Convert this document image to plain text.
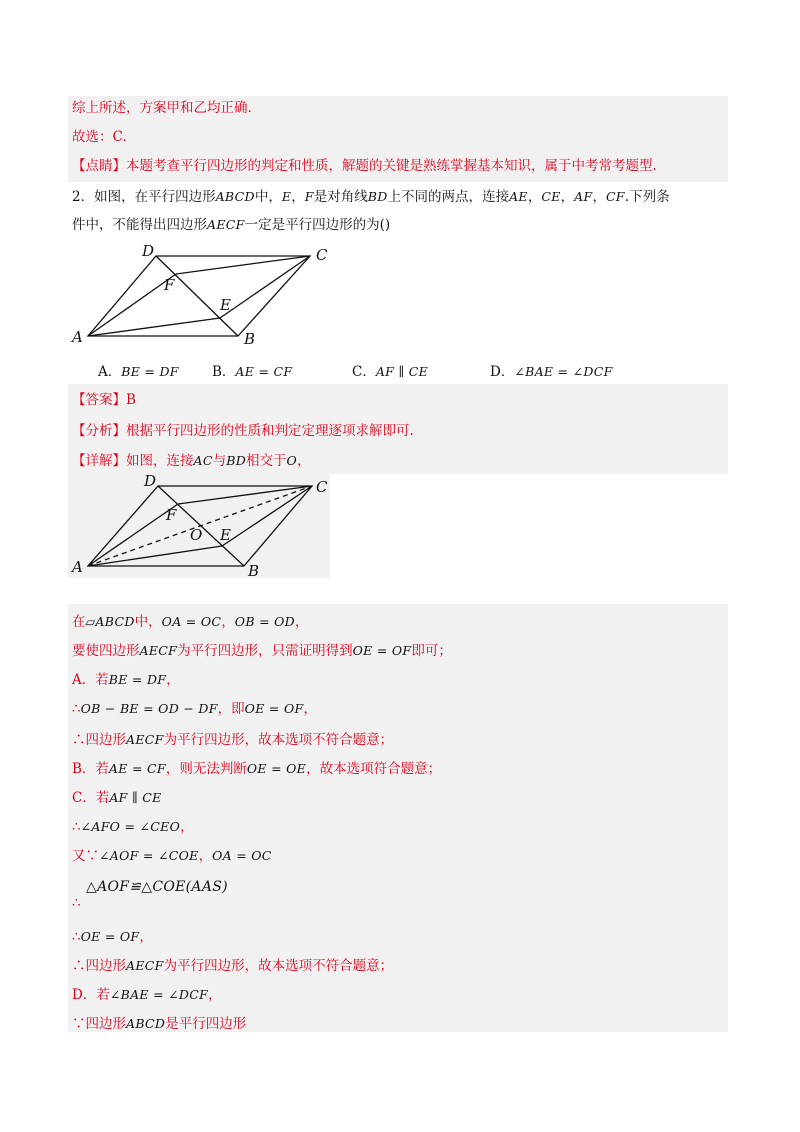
综上所述，方案甲和乙均正确.
故选：C.
【点睛】本题考查平行四边形的判定和性质，解题的关键是熟练掌握基本知识，属于中考常考题型.
2．如图，在平行四边形ABCD中，E，F是对角线BD上不同的两点，连接AE，CE，AF，CF.下列条
件中，不能得出四边形AECF一定是平行四边形的为()
A	B
C
D
E
F
A．BE = DF B．AE = CF	C．AF ∥ CE	D．∠BAE = ∠DCF
【答案】B
【分析】根据平行四边形的性质和判定定理逐项求解即可.
【详解】如图，连接AC与BD相交于O，
A	B
C
D
E
F
O
在▱ABCD中，OA = OC，OB = OD，
要使四边形AECF为平行四边形，只需证明得到OE = OF即可；
A．若BE = DF，
∴OB − BE = OD − DF，即OE = OF，
∴四边形AECF为平行四边形，故本选项不符合题意；
B．若AE = CF，则无法判断OE = OE，故本选项符合题意；
C．若AF ∥ CE
∴∠AFO = ∠CEO，
又∵∠AOF = ∠COE，OA = OC
△AOF≌△COE(AAS)
∴
∴OE = OF，
∴四边形AECF为平行四边形，故本选项不符合题意；
D．若∠BAE = ∠DCF，
∵四边形ABCD是平行四边形
